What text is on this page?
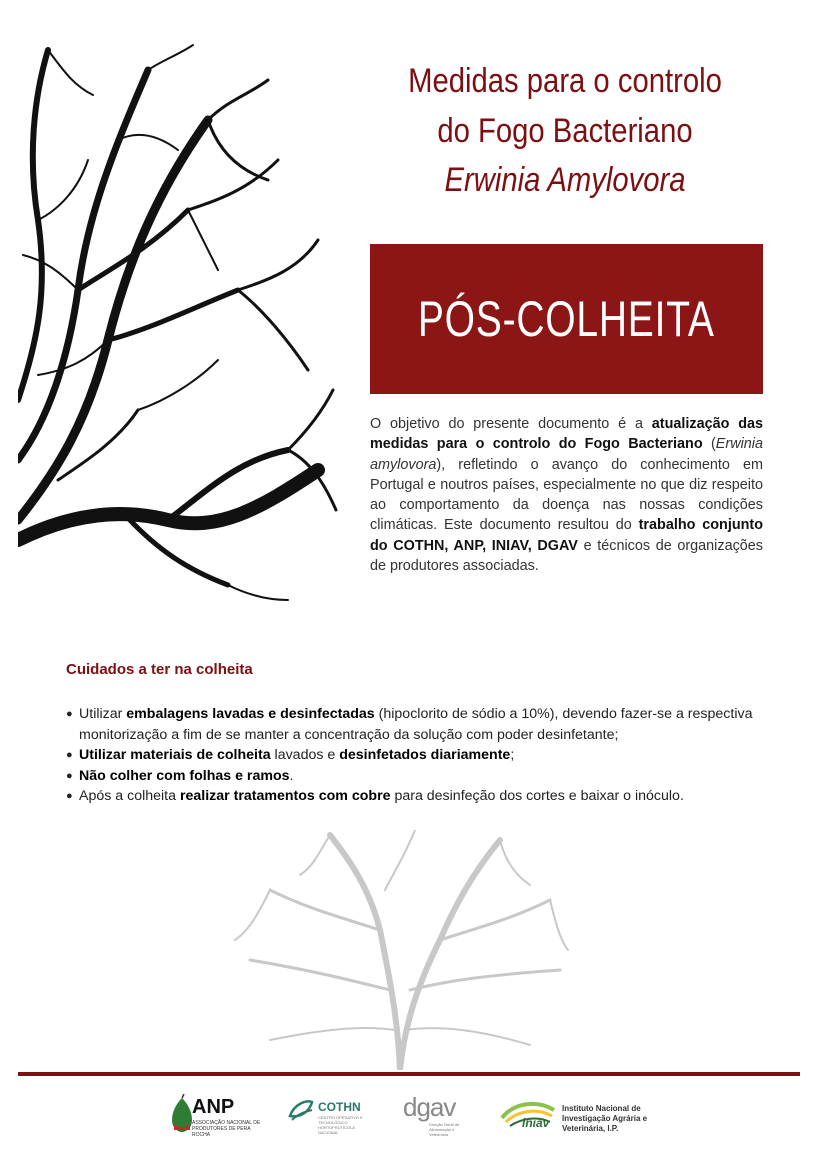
Medidas para o controlo
do Fogo Bacteriano
Erwinia Amylovora
PÓS-COLHEITA

O objetivo do presente documento é a atualização das medidas para o controlo do Fogo Bacteriano (Erwinia amylovora), refletindo o avanço do conhecimento em Portugal e noutros países, especialmente no que diz respeito ao comportamento da doença nas nossas condições climáticas. Este documento resultou do trabalho conjunto do COTHN, ANP, INIAV, DGAV e técnicos de organizações de produtores associadas.

Cuidados a ter na colheita
● Utilizar embalagens lavadas e desinfectadas (hipoclorito de sódio a 10%), devendo fazer-se a respectiva monitorização a fim de se manter a concentração da solução com poder desinfetante;
● Utilizar materiais de colheita lavados e desinfetados diariamente;
● Não colher com folhas e ramos.
● Após a colheita realizar tratamentos com cobre para desinfeção dos cortes e baixar o inóculo.
ANP
ASSOCIAÇÃO NACIONAL DE PRODUTORES DE PERA ROCHA
COTHN
CENTRO OPERATIVO E TECNOLÓGICO HORTOFRUTÍCOLA NACIONAL
dgav
Direção Geral de Alimentação e Veterinária
iniav
Instituto Nacional de Investigação Agrária e Veterinária, I.P.
